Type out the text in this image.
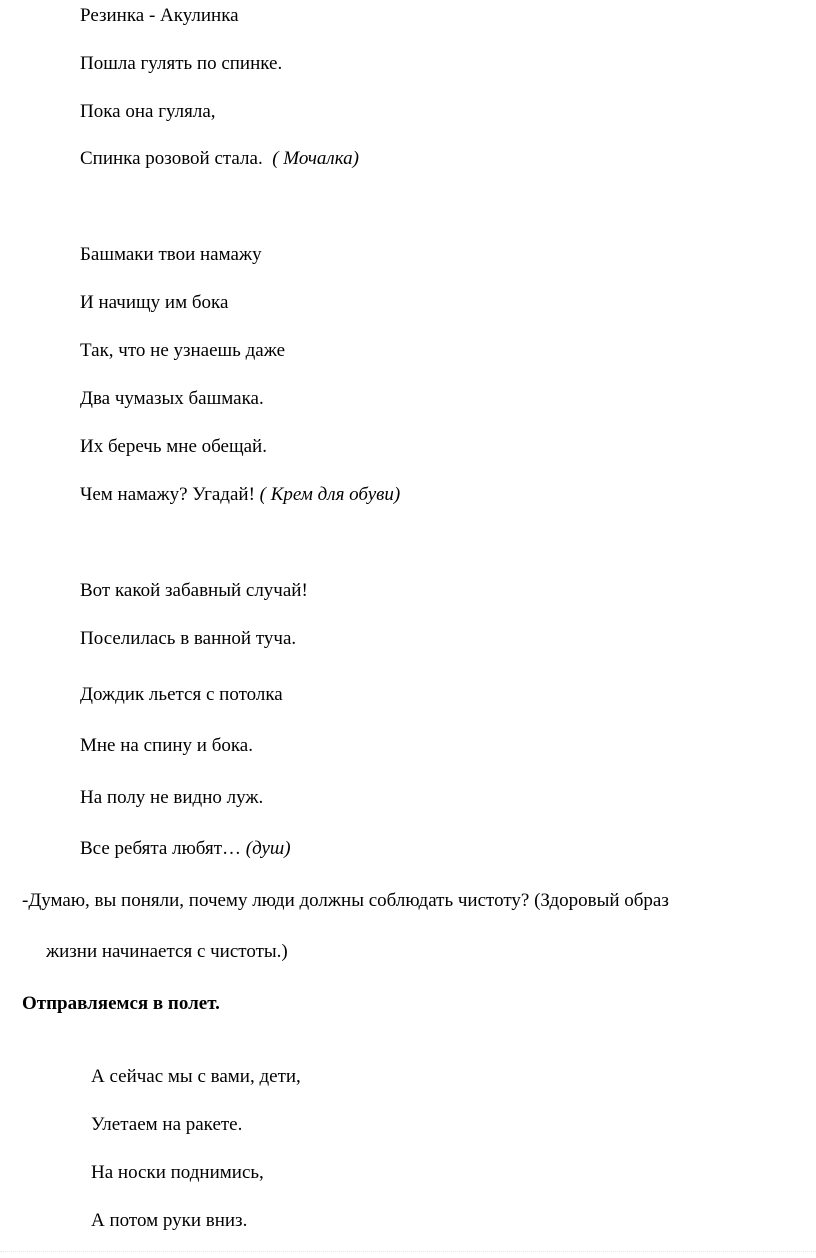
Резинка - Акулинка
Пошла гулять по спинке.
Пока она гуляла,
Спинка розовой стала. ( Мочалка)
Башмаки твои намажу
И начищу им бока
Так, что не узнаешь даже
Два чумазых башмака.
Их беречь мне обещай.
Чем намажу? Угадай! ( Крем для обуви)
Вот какой забавный случай!
Поселилась в ванной туча.
Дождик льется с потолка
Мне на спину и бока.
На полу не видно луж.
Все ребята любят… (душ)
-Думаю, вы поняли, почему люди должны соблюдать чистоту? (Здоровый образ
жизни начинается с чистоты.)
Отправляемся в полет.
А сейчас мы с вами, дети,
Улетаем на ракете.
На носки поднимись,
А потом руки вниз.
